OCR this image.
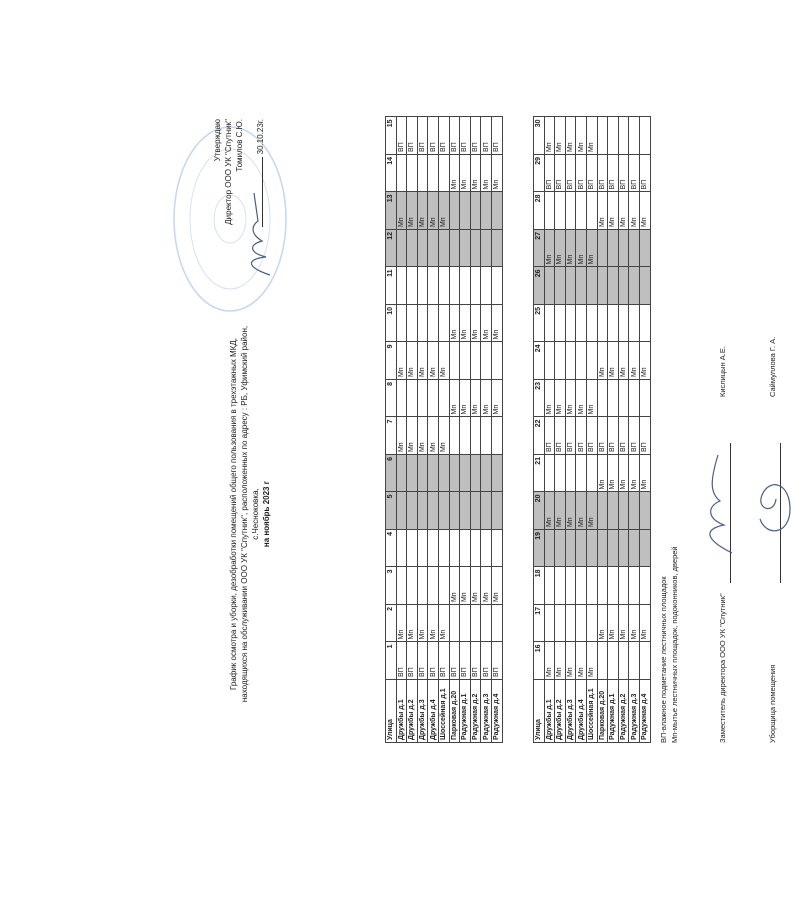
Утверждаю Директор ООО УК "Спутник" Томилов С.Ю. 30.10.23г.
График осмотра и уборки, дезобработки помещений общего пользования в трехэтажных МКД, находящихся на обслуживании ООО УК "Спутник", расположенных по адресу : РБ, Уфимский район, с.Чесноковка, на ноябрь 2023 г
Улица	1	2	3	4	5	6	7	8	9	10	11	12	13	14	15
Дружбы д.1	ВП	Мп					Мп		Мп				Мп		ВП
Дружбы д.2	ВП	Мп					Мп		Мп				Мп		ВП
Дружбы д.3	ВП	Мп					Мп		Мп				Мп		ВП
Дружбы д.4	ВП	Мп					Мп		Мп				Мп		ВП
Шоссейная д.1	ВП	Мп					Мп		Мп				Мп		ВП
Парковая д.20	ВП		Мп					Мп		Мп				Мп	ВП
Радужная д.1	ВП		Мп					Мп		Мп				Мп	ВП
Радужная д.2	ВП		Мп					Мп		Мп				Мп	ВП
Радужная д.3	ВП		Мп					Мп		Мп				Мп	ВП
Радужная д.4	ВП		Мп					Мп		Мп				Мп	ВП
Улица	16	17	18	19	20	21	22	23	24	25	26	27	28	29	30
Дружбы д.1	Мп				Мп		ВП	Мп				Мп		ВП	Мп
Дружбы д.2	Мп				Мп		ВП	Мп				Мп		ВП	Мп
Дружбы д.3	Мп				Мп		ВП	Мп				Мп		ВП	Мп
Дружбы д.4	Мп				Мп		ВП	Мп				Мп		ВП	Мп
Шоссейная д.1	Мп				Мп		ВП	Мп				Мп		ВП	Мп
Парковая д.20		Мп				Мп	ВП		Мп				Мп	ВП	
Радужная д.1		Мп				Мп	ВП		Мп				Мп	ВП	
Радужная д.2		Мп				Мп	ВП		Мп				Мп	ВП	
Радужная д.3		Мп				Мп	ВП		Мп				Мп	ВП	
Радужная д.4		Мп				Мп	ВП		Мп				Мп	ВП	
ВП-влажное подметание лестничных площадок Мп-мытье лестничных площадок, подоконников, дверей	Заместитель директора ООО УК "Спутник"
Кислицын А.Е.
Уборщица помещения
Саймуллова Г. А.
